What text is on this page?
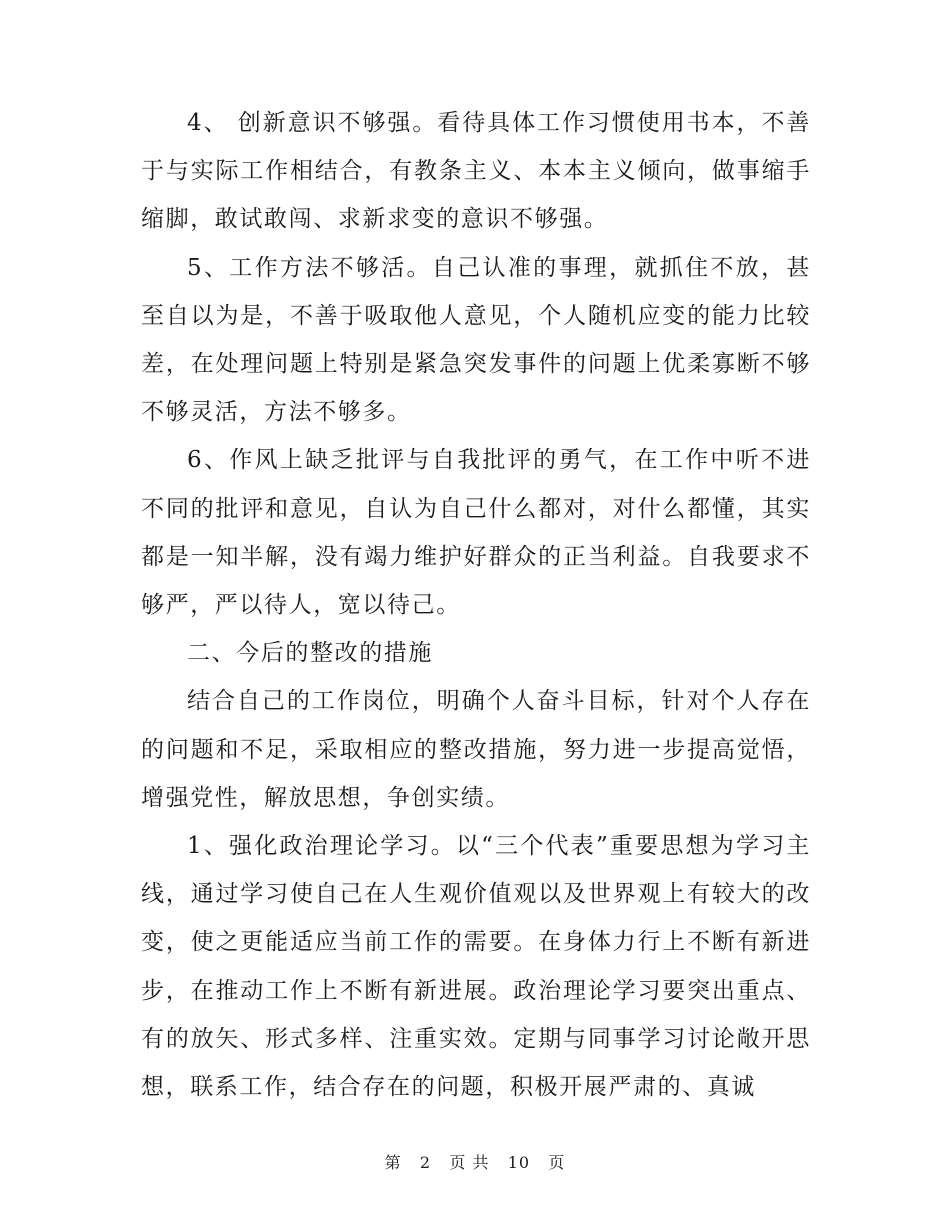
4、 创新意识不够强。看待具体工作习惯使用书本，不善于与实际工作相结合，有教条主义、本本主义倾向，做事缩手缩脚，敢试敢闯、求新求变的意识不够强。

5、工作方法不够活。自己认准的事理，就抓住不放，甚至自以为是，不善于吸取他人意见，个人随机应变的能力比较差，在处理问题上特别是紧急突发事件的问题上优柔寡断不够不够灵活，方法不够多。

6、作风上缺乏批评与自我批评的勇气，在工作中听不进不同的批评和意见，自认为自己什么都对，对什么都懂，其实都是一知半解，没有竭力维护好群众的正当利益。自我要求不够严，严以待人，宽以待己。

二、今后的整改的措施

结合自己的工作岗位，明确个人奋斗目标，针对个人存在的问题和不足，采取相应的整改措施，努力进一步提高觉悟，增强党性，解放思想，争创实绩。

1、强化政治理论学习。以“三个代表”重要思想为学习主线，通过学习使自己在人生观价值观以及世界观上有较大的改变，使之更能适应当前工作的需要。在身体力行上不断有新进步，在推动工作上不断有新进展。政治理论学习要突出重点、有的放矢、形式多样、注重实效。定期与同事学习讨论敞开思想，联系工作，结合存在的问题，积极开展严肃的、真诚

第 2 页 共 10 页
